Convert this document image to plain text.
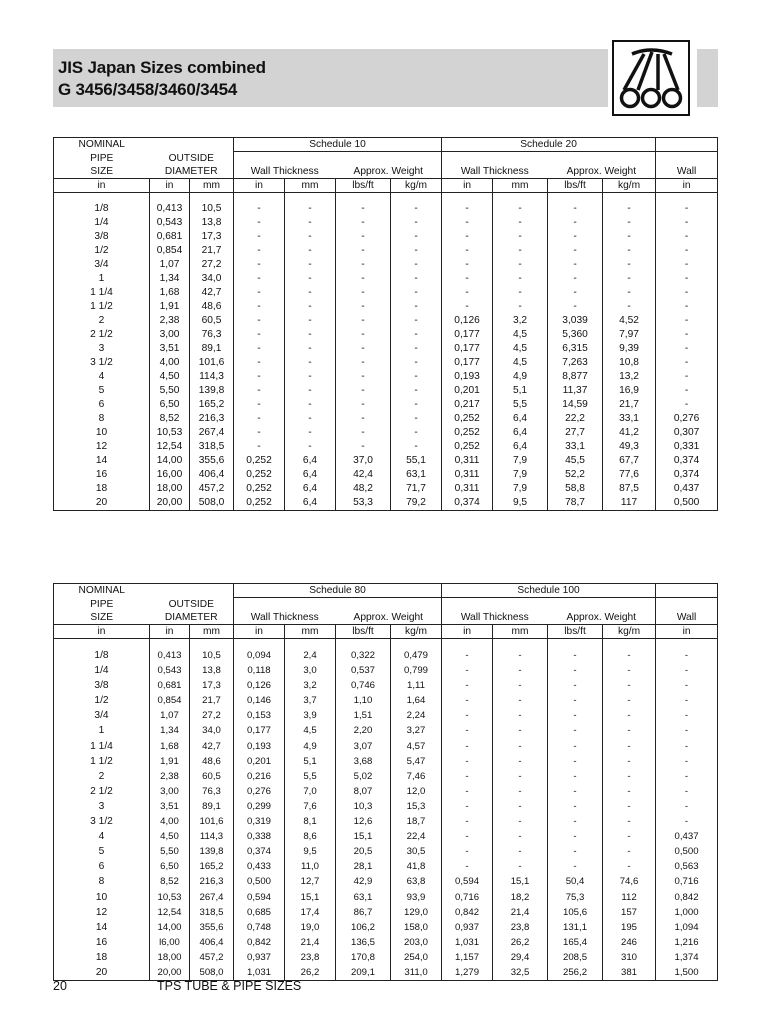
JIS Japan Sizes combined
G 3456/3458/3460/3454
NOMINAL			Schedule 10				Schedule 20				
PIPE	OUTSIDE										
SIZE	DIAMETER		Wall Thickness		Approx. Weight		Wall Thickness		Approx. Weight		Wall
in	in	mm	in	mm	lbs/ft	kg/m	in	mm	lbs/ft	kg/m	in

1/8	0,413	10,5	-	-	-	-	-	-	-	-	-
1/4	0,543	13,8	-	-	-	-	-	-	-	-	-
3/8	0,681	17,3	-	-	-	-	-	-	-	-	-
1/2	0,854	21,7	-	-	-	-	-	-	-	-	-
3/4	1,07	27,2	-	-	-	-	-	-	-	-	-
1	1,34	34,0	-	-	-	-	-	-	-	-	-
1 1/4	1,68	42,7	-	-	-	-	-	-	-	-	-
1 1/2	1,91	48,6	-	-	-	-	-	-	-	-	-
2	2,38	60,5	-	-	-	-	0,126	3,2	3,039	4,52	-
2 1/2	3,00	76,3	-	-	-	-	0,177	4,5	5,360	7,97	-
3	3,51	89,1	-	-	-	-	0,177	4,5	6,315	9,39	-
3 1/2	4,00	101,6	-	-	-	-	0,177	4,5	7,263	10,8	-
4	4,50	114,3	-	-	-	-	0,193	4,9	8,877	13,2	-
5	5,50	139,8	-	-	-	-	0,201	5,1	11,37	16,9	-
6	6,50	165,2	-	-	-	-	0,217	5,5	14,59	21,7	-
8	8,52	216,3	-	-	-	-	0,252	6,4	22,2	33,1	0,276
10	10,53	267,4	-	-	-	-	0,252	6,4	27,7	41,2	0,307
12	12,54	318,5	-	-	-	-	0,252	6,4	33,1	49,3	0,331
14	14,00	355,6	0,252	6,4	37,0	55,1	0,311	7,9	45,5	67,7	0,374
16	16,00	406,4	0,252	6,4	42,4	63,1	0,311	7,9	52,2	77,6	0,374
18	18,00	457,2	0,252	6,4	48,2	71,7	0,311	7,9	58,8	87,5	0,437
20	20,00	508,0	0,252	6,4	53,3	79,2	0,374	9,5	78,7	117	0,500
NOMINAL			Schedule 80				Schedule 100				
PIPE	OUTSIDE										
SIZE	DIAMETER		Wall Thickness		Approx. Weight		Wall Thickness		Approx. Weight		Wall
in	in	mm	in	mm	lbs/ft	kg/m	in	mm	lbs/ft	kg/m	in

1/8	0,413	10,5	0,094	2,4	0,322	0,479	-	-	-	-	-
1/4	0,543	13,8	0,118	3,0	0,537	0,799	-	-	-	-	-
3/8	0,681	17,3	0,126	3,2	0,746	1,11	-	-	-	-	-
1/2	0,854	21,7	0,146	3,7	1,10	1,64	-	-	-	-	-
3/4	1,07	27,2	0,153	3,9	1,51	2,24	-	-	-	-	-
1	1,34	34,0	0,177	4,5	2,20	3,27	-	-	-	-	-
1 1/4	1,68	42,7	0,193	4,9	3,07	4,57	-	-	-	-	-
1 1/2	1,91	48,6	0,201	5,1	3,68	5,47	-	-	-	-	-
2	2,38	60,5	0,216	5,5	5,02	7,46	-	-	-	-	-
2 1/2	3,00	76,3	0,276	7,0	8,07	12,0	-	-	-	-	-
3	3,51	89,1	0,299	7,6	10,3	15,3	-	-	-	-	-
3 1/2	4,00	101,6	0,319	8,1	12,6	18,7	-	-	-	-	-
4	4,50	114,3	0,338	8,6	15,1	22,4	-	-	-	-	0,437
5	5,50	139,8	0,374	9,5	20,5	30,5	-	-	-	-	0,500
6	6,50	165,2	0,433	11,0	28,1	41,8	-	-	-	-	0,563
8	8,52	216,3	0,500	12,7	42,9	63,8	0,594	15,1	50,4	74,6	0,716
10	10,53	267,4	0,594	15,1	63,1	93,9	0,716	18,2	75,3	112	0,842
12	12,54	318,5	0,685	17,4	86,7	129,0	0,842	21,4	105,6	157	1,000
14	14,00	355,6	0,748	19,0	106,2	158,0	0,937	23,8	131,1	195	1,094
16	l6,00	406,4	0,842	21,4	136,5	203,0	1,031	26,2	165,4	246	1,216
18	18,00	457,2	0,937	23,8	170,8	254,0	1,157	29,4	208,5	310	1,374
20	20,00	508,0	1,031	26,2	209,1	311,0	1,279	32,5	256,2	381	1,500
20	TPS TUBE & PIPE SIZES
